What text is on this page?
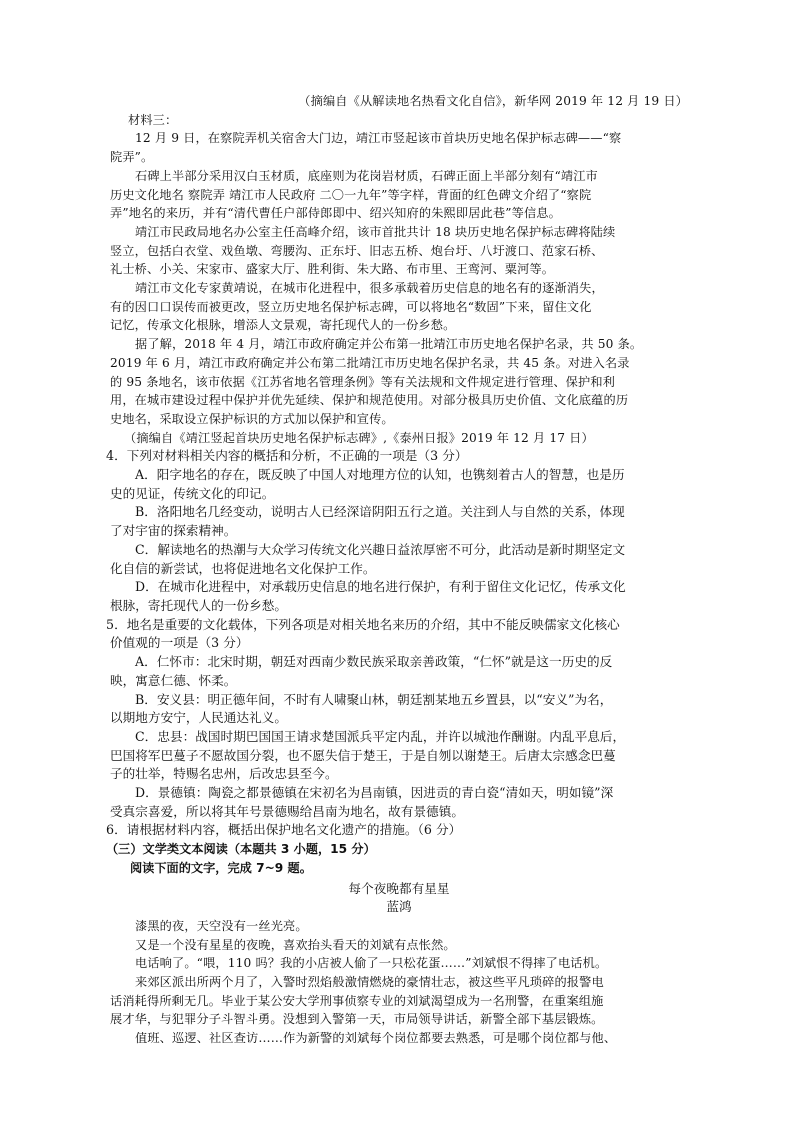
（摘编自《从解读地名热看文化自信》，新华网 2019 年 12 月 19 日）
材料三：
12 月 9 日，在察院弄机关宿舍大门边，靖江市竖起该市首块历史地名保护标志碑——“察
院弄”。
石碑上半部分采用汉白玉材质，底座则为花岗岩材质，石碑正面上半部分刻有“靖江市
历史文化地名 察院弄 靖江市人民政府 二〇一九年”等字样，背面的红色碑文介绍了“察院
弄”地名的来历，并有“清代曹任户部侍郎即中、绍兴知府的朱熙即居此巷”等信息。
靖江市民政局地名办公室主任高峰介绍，该市首批共计 18 块历史地名保护标志碑将陆续
竖立，包括白衣堂、戏鱼墩、弯腰沟、正东圩、旧志五桥、炮台圩、八圩渡口、范家石桥、
礼士桥、小关、宋家市、盛家大厅、胜利街、朱大路、布市里、王鸾河、粟河等。
靖江市文化专家黄靖说，在城市化进程中，很多承载着历史信息的地名有的逐渐消失，
有的因口口误传而被更改，竖立历史地名保护标志碑，可以将地名“数固”下来，留住文化
记忆，传承文化根脉，增添人文景观，寄托现代人的一份乡愁。
据了解，2018 年 4 月，靖江市政府确定并公布第一批靖江市历史地名保护名录，共 50 条。
2019 年 6 月，靖江市政府确定并公布第二批靖江市历史地名保护名录，共 45 条。对进入名录
的 95 条地名，该市依据《江苏省地名管理条例》等有关法规和文件规定进行管理、保护和利
用，在城市建设过程中保护并优先延续、保护和规范使用。对部分极具历史价值、文化底蕴的历
史地名，采取设立保护标识的方式加以保护和宣传。
（摘编自《靖江竖起首块历史地名保护标志碑》,《泰州日报》2019 年 12 月 17 日）
4．下列对材料相关内容的概括和分析，不正确的一项是（3 分）
A．阳字地名的存在，既反映了中国人对地理方位的认知，也镌刻着古人的智慧，也是历
史的见证，传统文化的印记。
B．洛阳地名几经变动，说明古人已经深谙阴阳五行之道。关注到人与自然的关系，体现
了对宇宙的探索精神。
C．解读地名的热潮与大众学习传统文化兴趣日益浓厚密不可分，此活动是新时期坚定文
化自信的新尝试，也将促进地名文化保护工作。
D．在城市化进程中，对承载历史信息的地名进行保护，有利于留住文化记忆，传承文化
根脉，寄托现代人的一份乡愁。
5．地名是重要的文化载体，下列各项是对相关地名来历的介绍，其中不能反映儒家文化核心
价值观的一项是（3 分）
A．仁怀市：北宋时期，朝廷对西南少数民族采取亲善政策，“仁怀”就是这一历史的反
映，寓意仁德、怀柔。
B．安义县：明正德年间，不时有人啸聚山林，朝廷割某地五乡置县，以“安义”为名，
以期地方安宁，人民通达礼义。
C．忠县：战国时期巴国国王请求楚国派兵平定内乱，并许以城池作酬谢。内乱平息后，
巴国将军巴蔓子不愿故国分裂，也不愿失信于楚王，于是自刎以谢楚王。后唐太宗感念巴蔓
子的壮举，特赐名忠州，后改忠县至今。
D．景德镇：陶瓷之都景德镇在宋初名为昌南镇，因进贡的青白瓷“清如天，明如镜”深
受真宗喜爱，所以将其年号景德赐给昌南为地名，故有景德镇。
6．请根据材料内容，概括出保护地名文化遗产的措施。（6 分）
（三）文学类文本阅读（本题共 3 小题，15 分）
阅读下面的文字，完成 7~9 题。
每个夜晚都有星星
蓝鸿
漆黑的夜，天空没有一丝光亮。
又是一个没有星星的夜晚，喜欢抬头看天的刘斌有点怅然。
电话响了。“喂，110 吗？我的小店被人偷了一只松花蛋……”刘斌恨不得摔了电话机。
来郊区派出所两个月了，入警时烈焰般激情燃烧的豪情壮志，被这些平凡琐碎的报警电
话消耗得所剩无几。毕业于某公安大学刑事侦察专业的刘斌渴望成为一名刑警，在重案组施
展才华，与犯罪分子斗智斗勇。没想到入警第一天，市局领导讲话，新警全部下基层锻炼。
值班、巡逻、社区查访……作为新警的刘斌每个岗位都要去熟悉，可是哪个岗位都与他、
